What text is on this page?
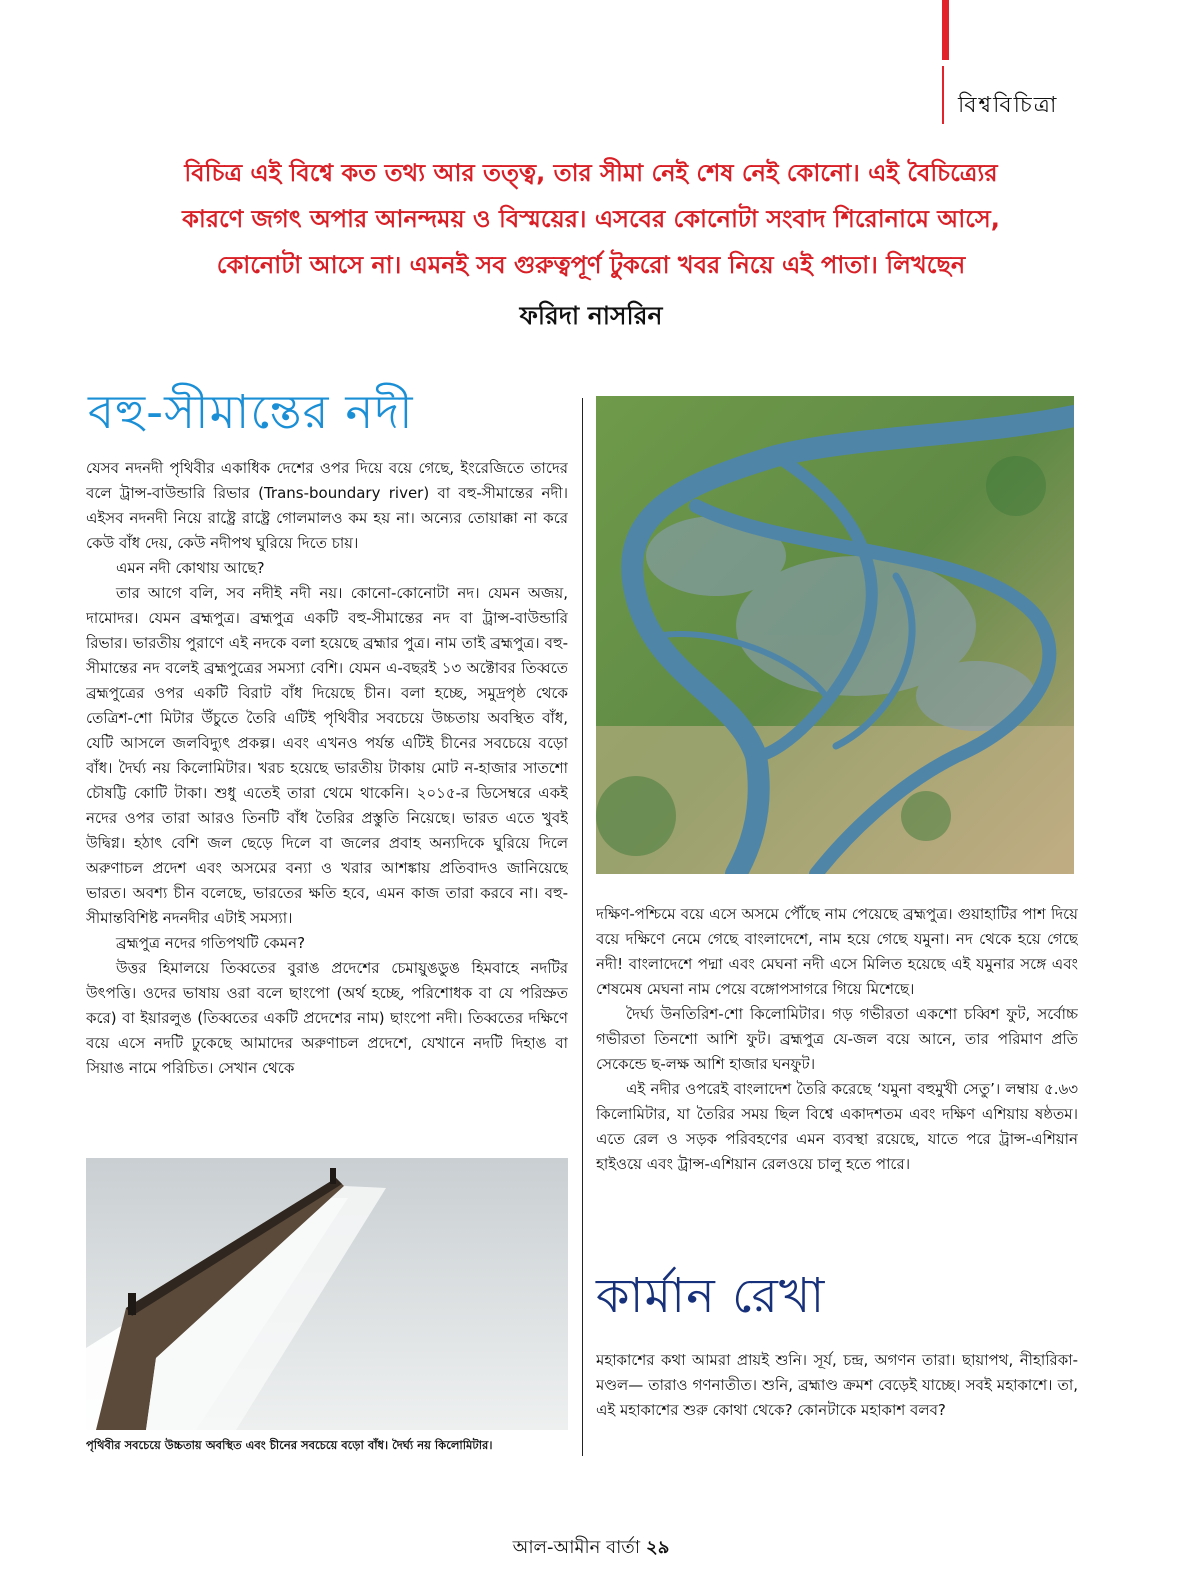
বিশ্ববিচিত্রা
বিচিত্র এই বিশ্বে কত তথ্য আর তত্ত্ব, তার সীমা নেই শেষ নেই কোনো। এই বৈচিত্র্যের
কারণে জগৎ অপার আনন্দময় ও বিস্ময়ের। এসবের কোনোটা সংবাদ শিরোনামে আসে,
কোনোটা আসে না। এমনই সব গুরুত্বপূর্ণ টুকরো খবর নিয়ে এই পাতা। লিখছেন
ফরিদা নাসরিন
বহু-সীমান্তের নদী

যেসব নদনদী পৃথিবীর একাধিক দেশের ওপর দিয়ে বয়ে গেছে, ইংরেজিতে তাদের বলে ট্রান্স-বাউন্ডারি রিভার (Trans-boundary river) বা বহু-সীমান্তের নদী। এইসব নদনদী নিয়ে রাষ্ট্রে রাষ্ট্রে গোলমালও কম হয় না। অন্যের তোয়াক্কা না করে কেউ বাঁধ দেয়, কেউ নদীপথ ঘুরিয়ে দিতে চায়।

এমন নদী কোথায় আছে?

তার আগে বলি, সব নদীই নদী নয়। কোনো-কোনোটা নদ। যেমন অজয়, দামোদর। যেমন ব্রহ্মপুত্র। ব্রহ্মপুত্র একটি বহু-সীমান্তের নদ বা ট্রান্স-বাউন্ডারি রিভার। ভারতীয় পুরাণে এই নদকে বলা হয়েছে ব্রহ্মার পুত্র। নাম তাই ব্রহ্মপুত্র। বহু-সীমান্তের নদ বলেই ব্রহ্মপুত্রের সমস্যা বেশি। যেমন এ-বছরই ১৩ অক্টোবর তিব্বতে ব্রহ্মপুত্রের ওপর একটি বিরাট বাঁধ দিয়েছে চীন। বলা হচ্ছে, সমুদ্রপৃষ্ঠ থেকে তেত্রিশ-শো মিটার উঁচুতে তৈরি এটিই পৃথিবীর সবচেয়ে উচ্চতায় অবস্থিত বাঁধ, যেটি আসলে জলবিদ্যুৎ প্রকল্প। এবং এখনও পর্যন্ত এটিই চীনের সবচেয়ে বড়ো বাঁধ। দৈর্ঘ্য নয় কিলোমিটার। খরচ হয়েছে ভারতীয় টাকায় মোট ন-হাজার সাতশো চৌষট্টি কোটি টাকা। শুধু এতেই তারা থেমে থাকেনি। ২০১৫-র ডিসেম্বরে একই নদের ওপর তারা আরও তিনটি বাঁধ তৈরির প্রস্তুতি নিয়েছে। ভারত এতে খুবই উদ্বিগ্ন। হঠাৎ বেশি জল ছেড়ে দিলে বা জলের প্রবাহ অন্যদিকে ঘুরিয়ে দিলে অরুণাচল প্রদেশ এবং অসমের বন্যা ও খরার আশঙ্কায় প্রতিবাদও জানিয়েছে ভারত। অবশ্য চীন বলেছে, ভারতের ক্ষতি হবে, এমন কাজ তারা করবে না। বহু-সীমান্তবিশিষ্ট নদনদীর এটাই সমস্যা।

ব্রহ্মপুত্র নদের গতিপথটি কেমন?

উত্তর হিমালয়ে তিব্বতের বুরাঙ প্রদেশের চেমায়ুঙডুঙ হিমবাহে নদটির উৎপত্তি। ওদের ভাষায় ওরা বলে ছাংপো (অর্থ হচ্ছে, পরিশোধক বা যে পরিস্রুত করে) বা ইয়ারলুঙ (তিব্বতের একটি প্রদেশের নাম) ছাংপো নদী। তিব্বতের দক্ষিণে বয়ে এসে নদটি ঢুকেছে আমাদের অরুণাচল প্রদেশে, যেখানে নদটি দিহাঙ বা সিয়াঙ নামে পরিচিত। সেখান থেকে

দক্ষিণ-পশ্চিমে বয়ে এসে অসমে পৌঁছে নাম পেয়েছে ব্রহ্মপুত্র। গুয়াহাটির পাশ দিয়ে বয়ে দক্ষিণে নেমে গেছে বাংলাদেশে, নাম হয়ে গেছে যমুনা। নদ থেকে হয়ে গেছে নদী! বাংলাদেশে পদ্মা এবং মেঘনা নদী এসে মিলিত হয়েছে এই যমুনার সঙ্গে এবং শেষমেষ মেঘনা নাম পেয়ে বঙ্গোপসাগরে গিয়ে মিশেছে।

দৈর্ঘ্য উনতিরিশ-শো কিলোমিটার। গড় গভীরতা একশো চব্বিশ ফুট, সর্বোচ্চ গভীরতা তিনশো আশি ফুট। ব্রহ্মপুত্র যে-জল বয়ে আনে, তার পরিমাণ প্রতি সেকেন্ডে ছ-লক্ষ আশি হাজার ঘনফুট।

এই নদীর ওপরেই বাংলাদেশ তৈরি করেছে ‘যমুনা বহুমুখী সেতু’। লম্বায় ৫.৬৩ কিলোমিটার, যা তৈরির সময় ছিল বিশ্বে একাদশতম এবং দক্ষিণ এশিয়ায় ষষ্ঠতম। এতে রেল ও সড়ক পরিবহণের এমন ব্যবস্থা রয়েছে, যাতে পরে ট্রান্স-এশিয়ান হাইওয়ে এবং ট্রান্স-এশিয়ান রেলওয়ে চালু হতে পারে।

পৃথিবীর সবচেয়ে উচ্চতায় অবস্থিত এবং চীনের সবচেয়ে বড়ো বাঁধ। দৈর্ঘ্য নয় কিলোমিটার।
কার্মান রেখা

মহাকাশের কথা আমরা প্রায়ই শুনি। সূর্য, চন্দ্র, অগণন তারা। ছায়াপথ, নীহারিকা-মণ্ডল— তারাও গণনাতীত। শুনি, ব্রহ্মাণ্ড ক্রমশ বেড়েই যাচ্ছে। সবই মহাকাশে। তা, এই মহাকাশের শুরু কোথা থেকে? কোনটাকে মহাকাশ বলব?

আল-আমীন বার্তা ২৯
